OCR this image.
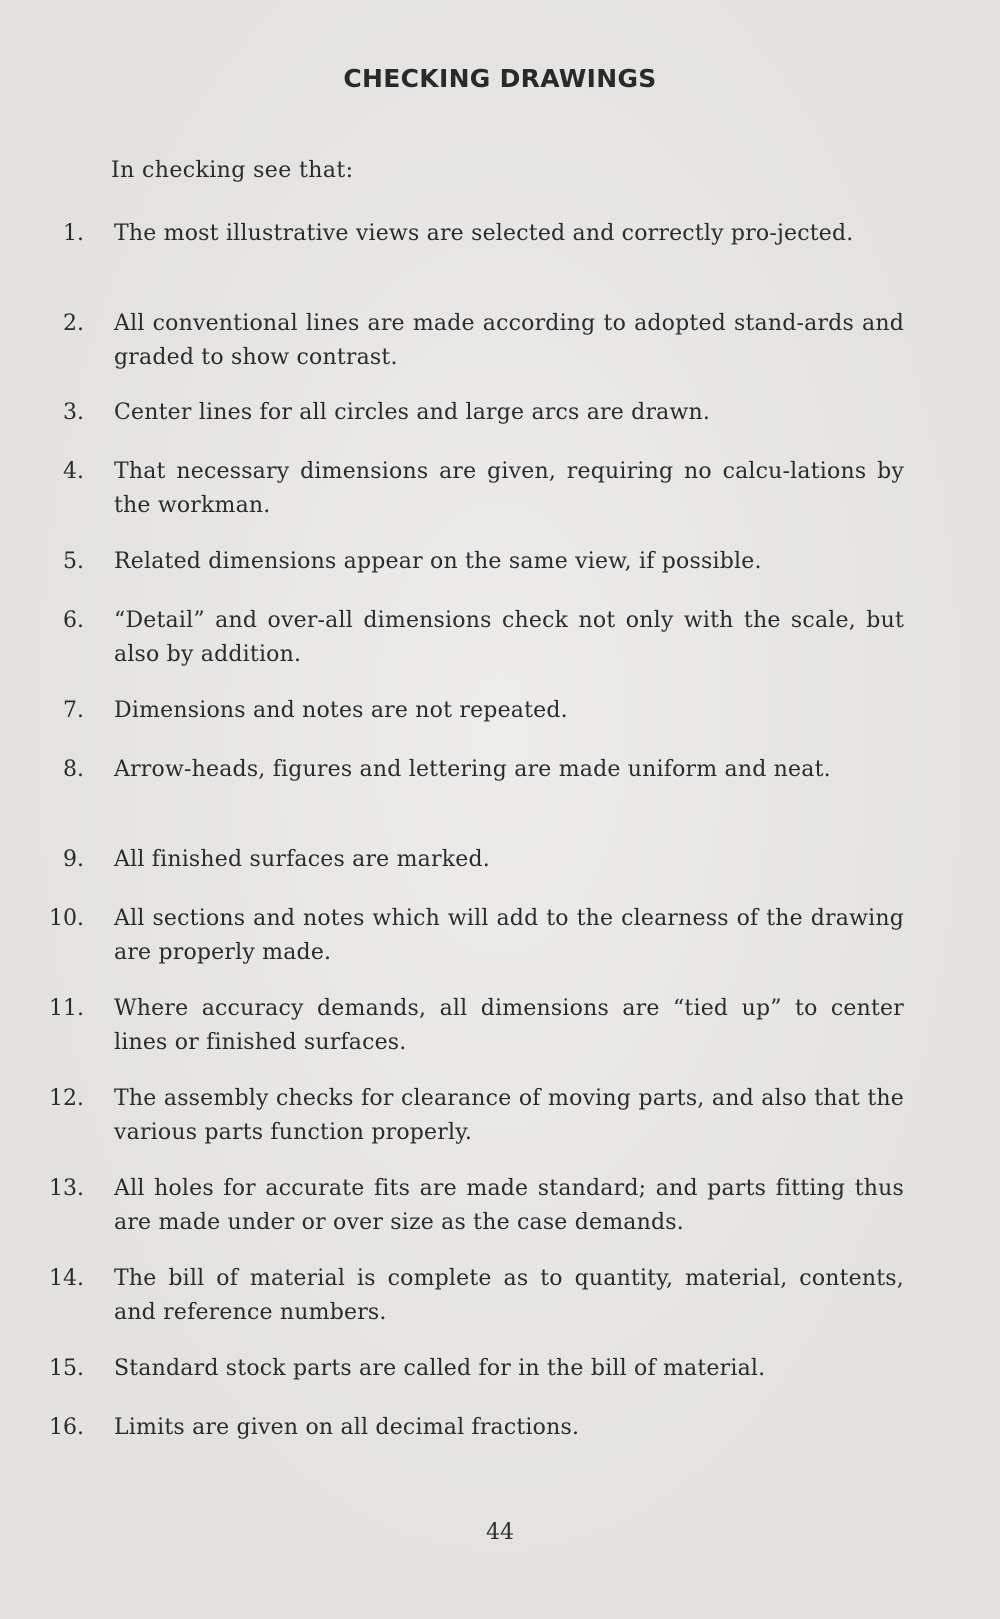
CHECKING DRAWINGS
In checking see that:
1. The most illustrative views are selected and correctly pro-jected.
2. All conventional lines are made according to adopted stand-ards and graded to show contrast.
3. Center lines for all circles and large arcs are drawn.
4. That necessary dimensions are given, requiring no calcu-lations by the workman.
5. Related dimensions appear on the same view, if possible.
6. “Detail” and over-all dimensions check not only with the scale, but also by addition.
7. Dimensions and notes are not repeated.
8. Arrow-heads, figures and lettering are made uniform and neat.
9. All finished surfaces are marked.
10. All sections and notes which will add to the clearness of the drawing are properly made.
11. Where accuracy demands, all dimensions are “tied up” to center lines or finished surfaces.
12. The assembly checks for clearance of moving parts, and also that the various parts function properly.
13. All holes for accurate fits are made standard; and parts fitting thus are made under or over size as the case demands.
14. The bill of material is complete as to quantity, material, contents, and reference numbers.
15. Standard stock parts are called for in the bill of material.
16. Limits are given on all decimal fractions.
44
